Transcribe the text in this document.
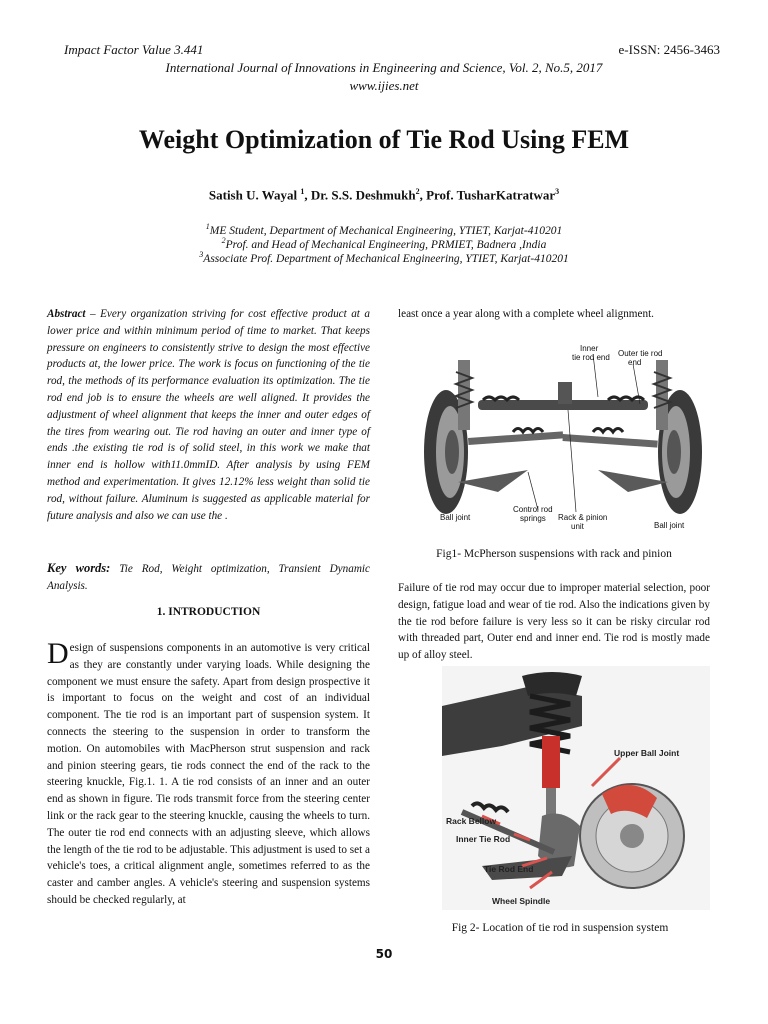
Impact Factor Value 3.441	e-ISSN: 2456-3463
International Journal of Innovations in Engineering and Science, Vol. 2, No.5, 2017
www.ijies.net
Weight Optimization of Tie Rod Using FEM
Satish U. Wayal $^1$, Dr. S.S. Deshmukh$^2$, Prof. TusharKatratwar$^3$
$^1$ME Student, Department of Mechanical Engineering, YTIET, Karjat-410201
$^2$Prof. and Head of Mechanical Engineering, PRMIET, Badnera ,India
$^3$Associate Prof. Department of Mechanical Engineering, YTIET, Karjat-410201
Abstract – Every organization striving for cost effective product at a lower price and within minimum period of time to market. That keeps pressure on engineers to consistently strive to design the most effective products at, the lower price. The work is focus on functioning of the tie rod, the methods of its performance evaluation its optimization. The tie rod end job is to ensure the wheels are well aligned. It provides the adjustment of wheel alignment that keeps the inner and outer edges of the tires from wearing out. Tie rod having an outer and inner type of ends .the existing tie rod is of solid steel, in this work we make that inner end is hollow with11.0mmID. After analysis by using FEM method and experimentation. It gives 12.12% less weight than solid tie rod, without failure. Aluminum is suggested as applicable material for future analysis and also we can use the .
Key words: Tie Rod, Weight optimization, Transient Dynamic Analysis.
1. INTRODUCTION
Design of suspensions components in an automotive is very critical as they are constantly under varying loads. While designing the component we must ensure the safety. Apart from design prospective it is important to focus on the weight and cost of an individual component. The tie rod is an important part of suspension system. It connects the steering to the suspension in order to transform the motion. On automobiles with MacPherson strut suspension and rack and pinion steering gears, tie rods connect the end of the rack to the steering knuckle, Fig.1. 1. A tie rod consists of an inner and an outer end as shown in figure. Tie rods transmit force from the steering center link or the rack gear to the steering knuckle, causing the wheels to turn. The outer tie rod end connects with an adjusting sleeve, which allows the length of the tie rod to be adjustable. This adjustment is used to set a vehicle's toes, a critical alignment angle, sometimes referred to as the caster and camber angles. A vehicle's steering and suspension systems should be checked regularly, at
least once a year along with a complete wheel alignment.
Inner
tie rod end Outer tie rod
end
Ball joint
Ball joint
Control rod
springs Rack & pinion
unit
Fig1- McPherson suspensions with rack and pinion
Failure of tie rod may occur due to improper material selection, poor design, fatigue load and wear of tie rod. Also the indications given by the tie rod before failure is very less so it can be risky circular rod with threaded part, Outer end and inner end. Tie rod is mostly made up of alloy steel.
Upper Ball Joint
Rack Bellow
Inner Tie Rod
Tie Rod End
Wheel Spindle
Fig 2- Location of tie rod in suspension system
50
